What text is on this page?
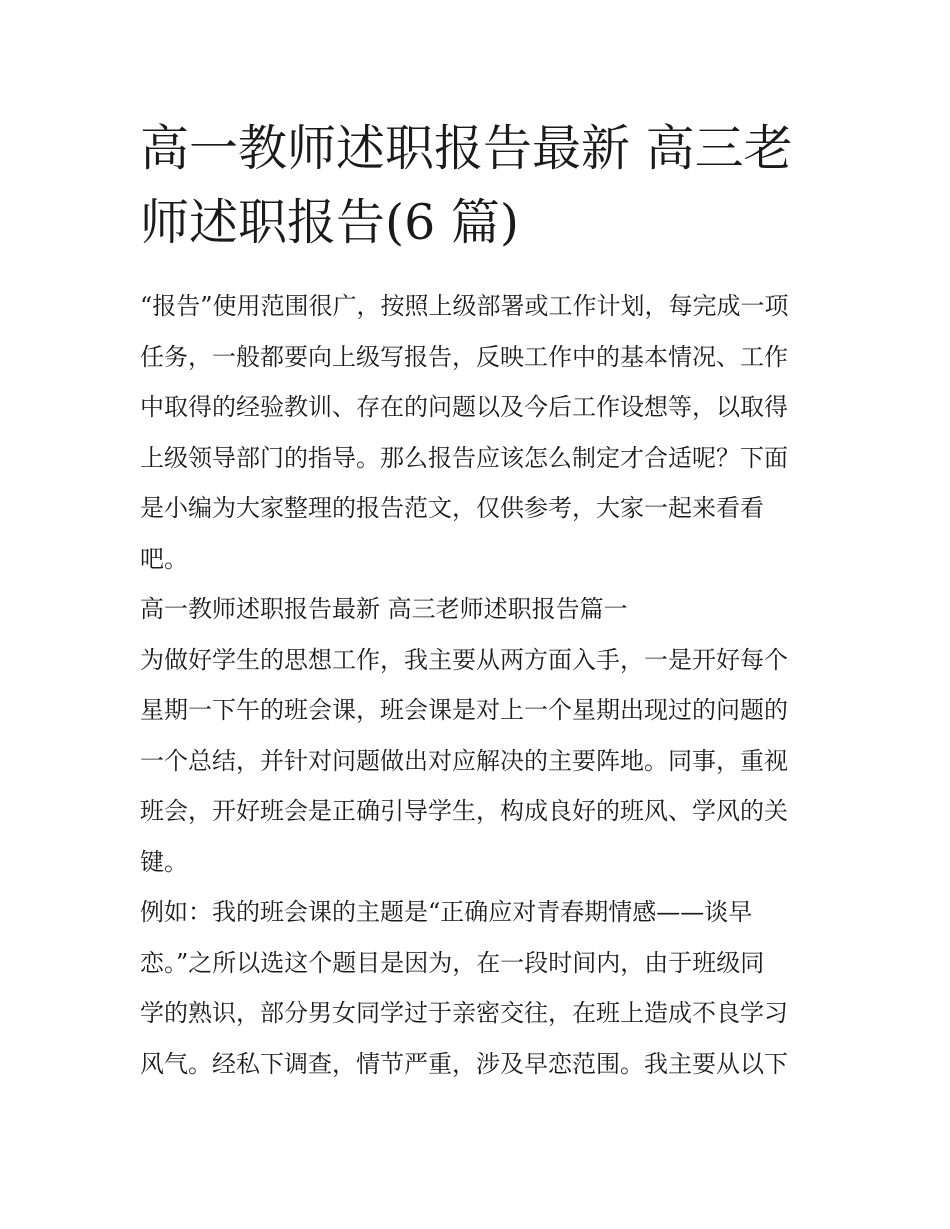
高一教师述职报告最新 高三老
师述职报告(6 篇)
“报告”使用范围很广，按照上级部署或工作计划，每完成一项
任务，一般都要向上级写报告，反映工作中的基本情况、工作
中取得的经验教训、存在的问题以及今后工作设想等，以取得
上级领导部门的指导。那么报告应该怎么制定才合适呢？下面
是小编为大家整理的报告范文，仅供参考，大家一起来看看
吧。
高一教师述职报告最新 高三老师述职报告篇一
为做好学生的思想工作，我主要从两方面入手，一是开好每个
星期一下午的班会课，班会课是对上一个星期出现过的问题的
一个总结，并针对问题做出对应解决的主要阵地。同事，重视
班会，开好班会是正确引导学生，构成良好的班风、学风的关
键。
例如：我的班会课的主题是“正确应对青春期情感——谈早
恋。”之所以选这个题目是因为，在一段时间内，由于班级同
学的熟识，部分男女同学过于亲密交往，在班上造成不良学习
风气。经私下调查，情节严重，涉及早恋范围。我主要从以下
